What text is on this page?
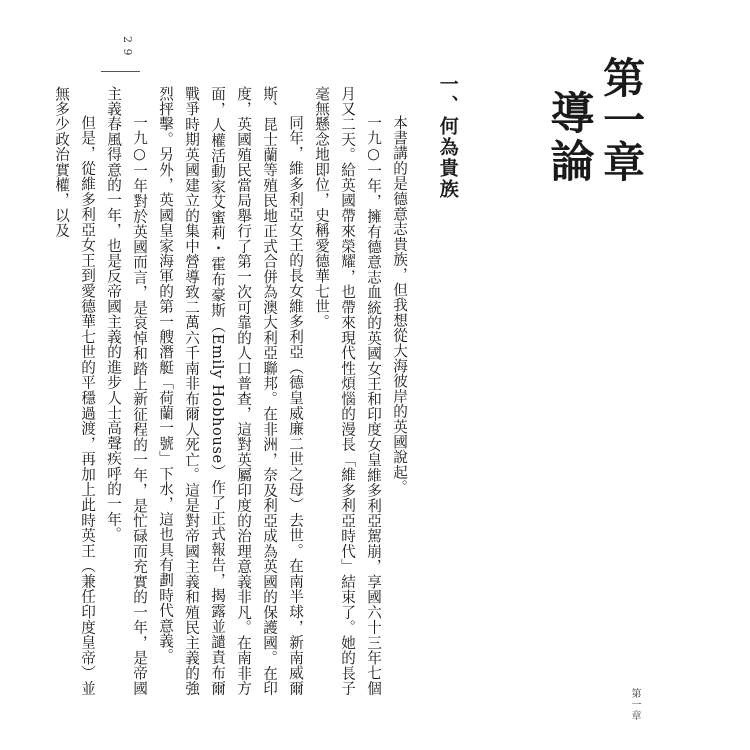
2 9
第一章
導論
一、何為貴族

本書講的是德意志貴族，但我想從大海彼岸的英國說起。

一九○一年，擁有德意志血統的英國女王和印度女皇維多利亞駕崩，享國六十三年七個月又二天。給英國帶來榮耀，也帶來現代性煩惱的漫長「維多利亞時代」結束了。她的長子毫無懸念地即位，史稱愛德華七世。

同年，維多利亞女王的長女維多利亞（德皇威廉二世之母）去世。在南半球，新南威爾斯、昆士蘭等殖民地正式合併為澳大利亞聯邦。在非洲，奈及利亞成為英國的保護國。在印度，英國殖民當局舉行了第一次可靠的人口普查，這對英屬印度的治理意義非凡。在南非方面，人權活動家艾蜜莉・霍布豪斯（Emily Hobhouse）作了正式報告，揭露並譴責布爾戰爭時期英國建立的集中營導致二萬六千南非布爾人死亡。這是對帝國主義和殖民主義的強烈抨擊。另外，英國皇家海軍的第一艘潛艇「荷蘭一號」下水，這也具有劃時代意義。

一九○一年對於英國而言，是哀悼和踏上新征程的一年，是忙碌而充實的一年，是帝國主義春風得意的一年，也是反帝國主義的進步人士高聲疾呼的一年。

但是，從維多利亞女王到愛德華七世的平穩過渡，再加上此時英王（兼任印度皇帝）並無多少政治實權，以及

第一章
